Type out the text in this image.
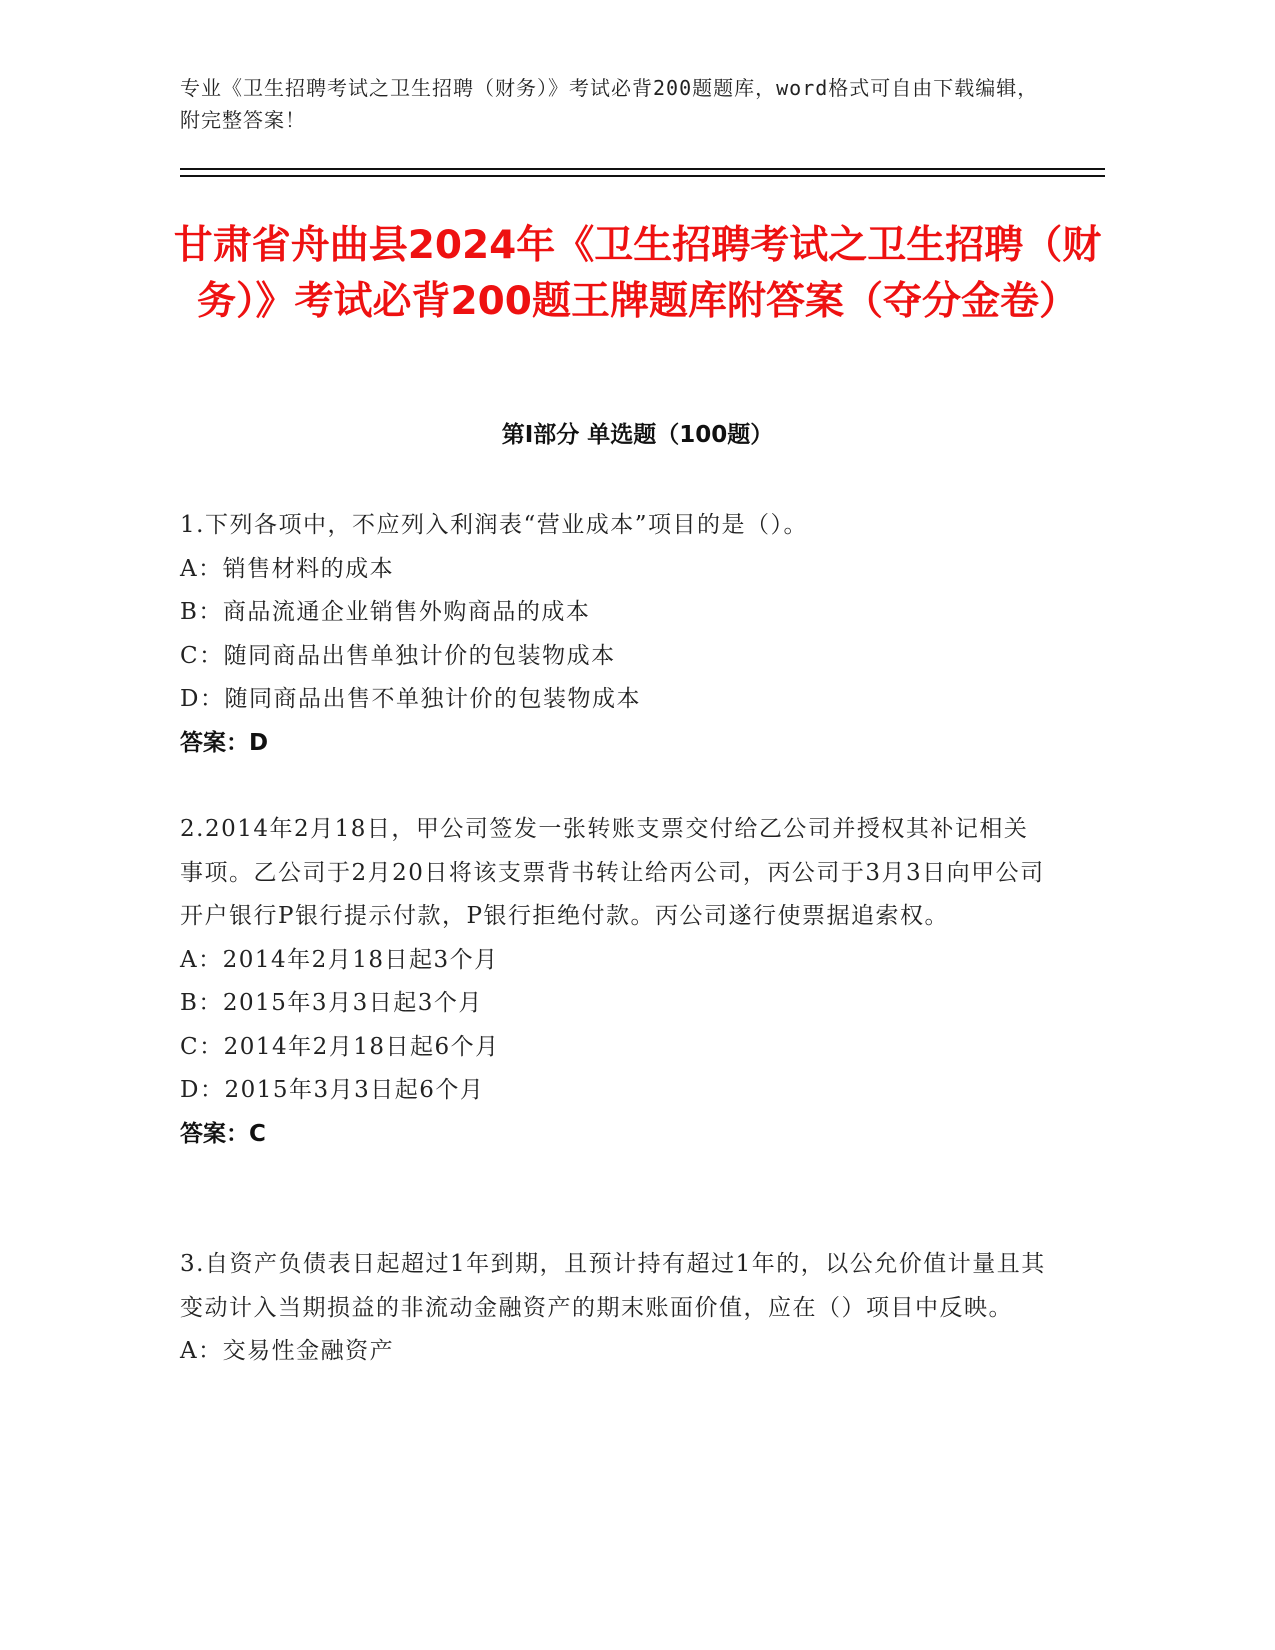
专业《卫生招聘考试之卫生招聘（财务）》考试必背200题题库，word格式可自由下载编辑，附完整答案！
甘肃省舟曲县2024年《卫生招聘考试之卫生招聘（财务）》考试必背200题王牌题库附答案（夺分金卷）
第Ⅰ部分 单选题（100题）
1.下列各项中，不应列入利润表“营业成本”项目的是（）。
A：销售材料的成本
B：商品流通企业销售外购商品的成本
C：随同商品出售单独计价的包装物成本
D：随同商品出售不单独计价的包装物成本
答案：D
2.2014年2月18日，甲公司签发一张转账支票交付给乙公司并授权其补记相关事项。乙公司于2月20日将该支票背书转让给丙公司，丙公司于3月3日向甲公司开户银行P银行提示付款，P银行拒绝付款。丙公司遂行使票据追索权。
A：2014年2月18日起3个月
B：2015年3月3日起3个月
C：2014年2月18日起6个月
D：2015年3月3日起6个月
答案：C
3.自资产负债表日起超过1年到期，且预计持有超过1年的，以公允价值计量且其变动计入当期损益的非流动金融资产的期末账面价值，应在（）项目中反映。
A：交易性金融资产
